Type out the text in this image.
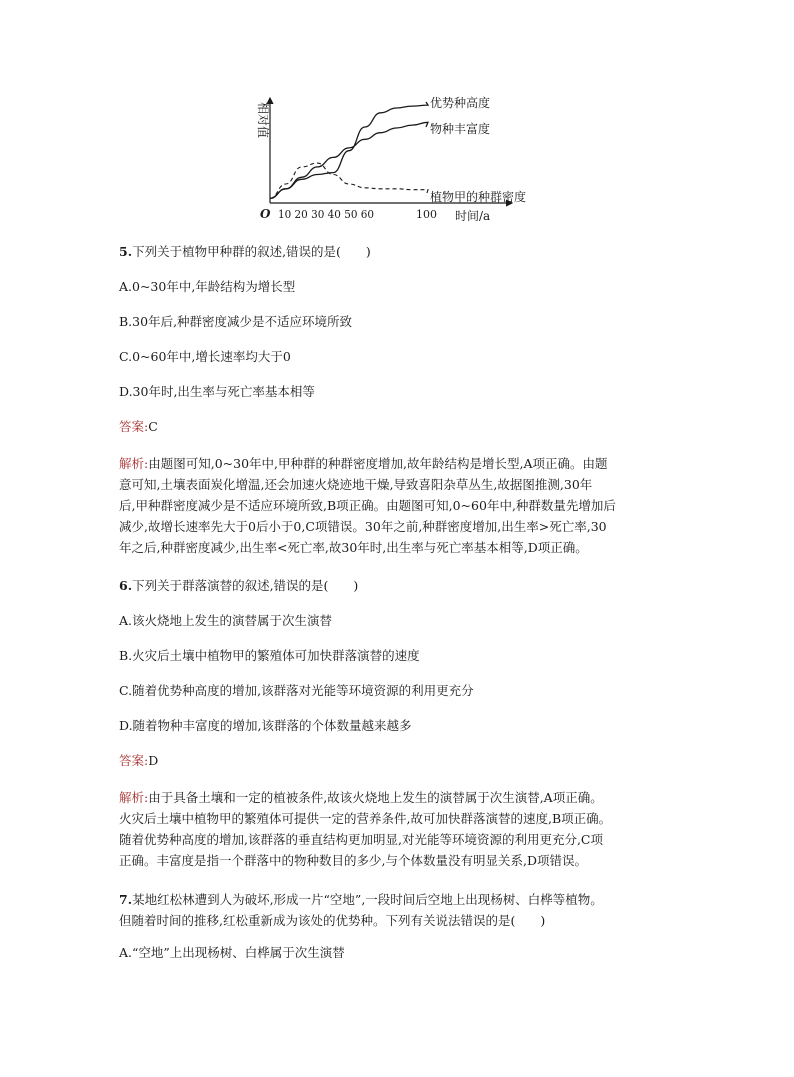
相对值
O 10 20 30 40 50 60	100 时间/a
优势种高度
物种丰富度
植物甲的种群密度
5.下列关于植物甲种群的叙述,错误的是(　　)
A.0~30年中,年龄结构为增长型
B.30年后,种群密度减少是不适应环境所致
C.0~60年中,增长速率均大于0
D.30年时,出生率与死亡率基本相等
答案:C
解析:由题图可知,0~30年中,甲种群的种群密度增加,故年龄结构是增长型,A项正确。由题
意可知,土壤表面炭化增温,还会加速火烧迹地干燥,导致喜阳杂草丛生,故据图推测,30年
后,甲种群密度减少是不适应环境所致,B项正确。由题图可知,0~60年中,种群数量先增加后
减少,故增长速率先大于0后小于0,C项错误。30年之前,种群密度增加,出生率>死亡率,30
年之后,种群密度减少,出生率<死亡率,故30年时,出生率与死亡率基本相等,D项正确。
6.下列关于群落演替的叙述,错误的是(　　)
A.该火烧地上发生的演替属于次生演替
B.火灾后土壤中植物甲的繁殖体可加快群落演替的速度
C.随着优势种高度的增加,该群落对光能等环境资源的利用更充分
D.随着物种丰富度的增加,该群落的个体数量越来越多
答案:D
解析:由于具备土壤和一定的植被条件,故该火烧地上发生的演替属于次生演替,A项正确。
火灾后土壤中植物甲的繁殖体可提供一定的营养条件,故可加快群落演替的速度,B项正确。
随着优势种高度的增加,该群落的垂直结构更加明显,对光能等环境资源的利用更充分,C项
正确。丰富度是指一个群落中的物种数目的多少,与个体数量没有明显关系,D项错误。
7.某地红松林遭到人为破坏,形成一片“空地”,一段时间后空地上出现杨树、白桦等植物。
但随着时间的推移,红松重新成为该处的优势种。下列有关说法错误的是(　　)
A.“空地”上出现杨树、白桦属于次生演替
